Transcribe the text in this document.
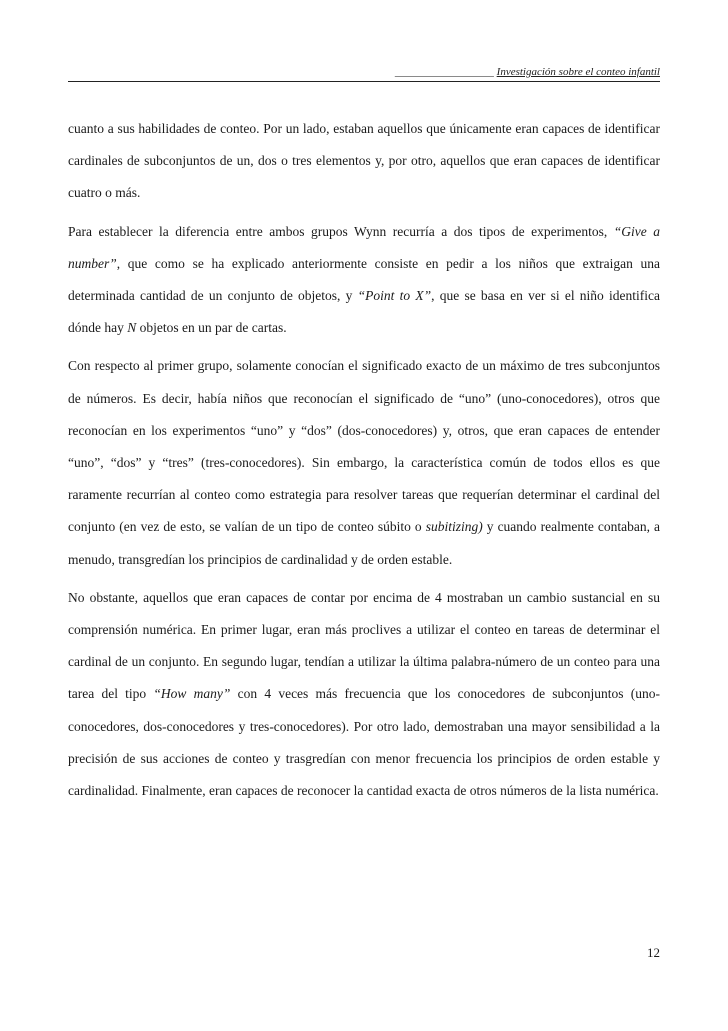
__________________ Investigación sobre el conteo infantil

cuanto a sus habilidades de conteo. Por un lado, estaban aquellos que únicamente eran capaces de identificar cardinales de subconjuntos de un, dos o tres elementos y, por otro, aquellos que eran capaces de identificar cuatro o más.

Para establecer la diferencia entre ambos grupos Wynn recurría a dos tipos de experimentos, “Give a number”, que como se ha explicado anteriormente consiste en pedir a los niños que extraigan una determinada cantidad de un conjunto de objetos, y “Point to X”, que se basa en ver si el niño identifica dónde hay N objetos en un par de cartas.

Con respecto al primer grupo, solamente conocían el significado exacto de un máximo de tres subconjuntos de números. Es decir, había niños que reconocían el significado de “uno” (uno-conocedores), otros que reconocían en los experimentos “uno” y “dos” (dos-conocedores) y, otros, que eran capaces de entender “uno”, “dos” y “tres” (tres-conocedores). Sin embargo, la característica común de todos ellos es que raramente recurrían al conteo como estrategia para resolver tareas que requerían determinar el cardinal del conjunto (en vez de esto, se valían de un tipo de conteo súbito o subitizing) y cuando realmente contaban, a menudo, transgredían los principios de cardinalidad y de orden estable.

No obstante, aquellos que eran capaces de contar por encima de 4 mostraban un cambio sustancial en su comprensión numérica. En primer lugar, eran más proclives a utilizar el conteo en tareas de determinar el cardinal de un conjunto. En segundo lugar, tendían a utilizar la última palabra-número de un conteo para una tarea del tipo “How many” con 4 veces más frecuencia que los conocedores de subconjuntos (uno-conocedores, dos-conocedores y tres-conocedores). Por otro lado, demostraban una mayor sensibilidad a la precisión de sus acciones de conteo y trasgredían con menor frecuencia los principios de orden estable y cardinalidad. Finalmente, eran capaces de reconocer la cantidad exacta de otros números de la lista numérica.

12
